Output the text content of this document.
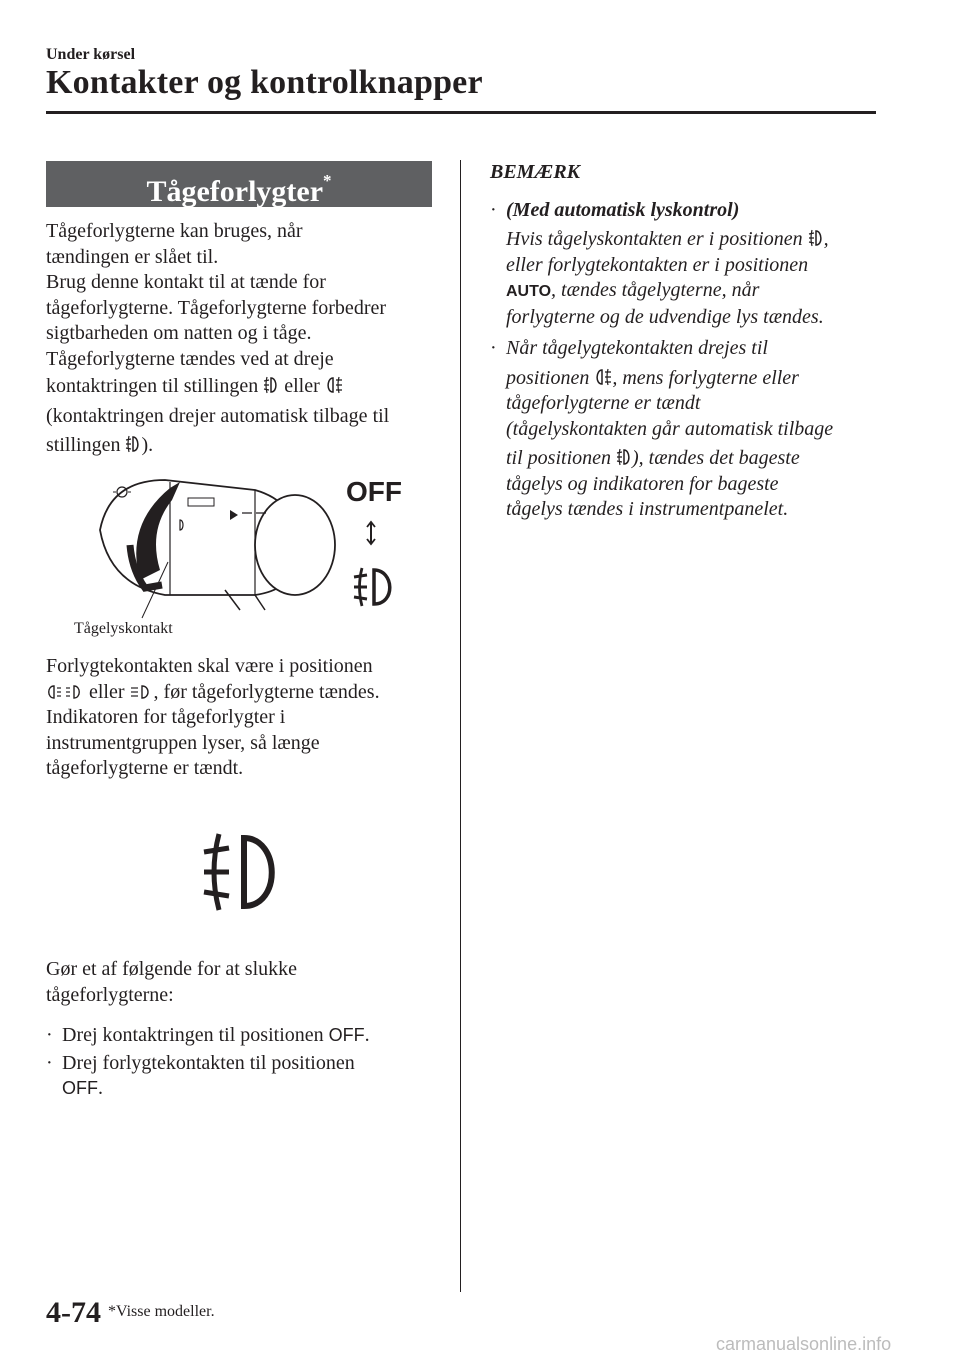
Under kørsel
Kontakter og kontrolknapper
Tågeforlygter*
Tågeforlygterne kan bruges, når
tændingen er slået til.
Brug denne kontakt til at tænde for
tågeforlygterne. Tågeforlygterne forbedrer
sigtbarheden om natten og i tåge.
Tågeforlygterne tændes ved at dreje
kontaktringen til stillingen eller
(kontaktringen drejer automatisk tilbage til
stillingen ).
OFF
Tågelyskontakt
Forlygtekontakten skal være i positionen
eller , før tågeforlygterne tændes.
Indikatoren for tågeforlygter i
instrumentgruppen lyser, så længe
tågeforlygterne er tændt.
Gør et af følgende for at slukke
tågeforlygterne:
· Drej kontaktringen til positionen OFF.
· Drej forlygtekontakten til positionen
OFF.
BEMÆRK
· (Med automatisk lyskontrol)
Hvis tågelyskontakten er i positionen ,
eller forlygtekontakten er i positionen
AUTO, tændes tågelygterne, når
forlygterne og de udvendige lys tændes.
· Når tågelygtekontakten drejes til
positionen , mens forlygterne eller
tågeforlygterne er tændt
(tågelyskontakten går automatisk tilbage
til positionen ), tændes det bageste
tågelys og indikatoren for bageste
tågelys tændes i instrumentpanelet.
4-74 *Visse modeller.
carmanualsonline.info
